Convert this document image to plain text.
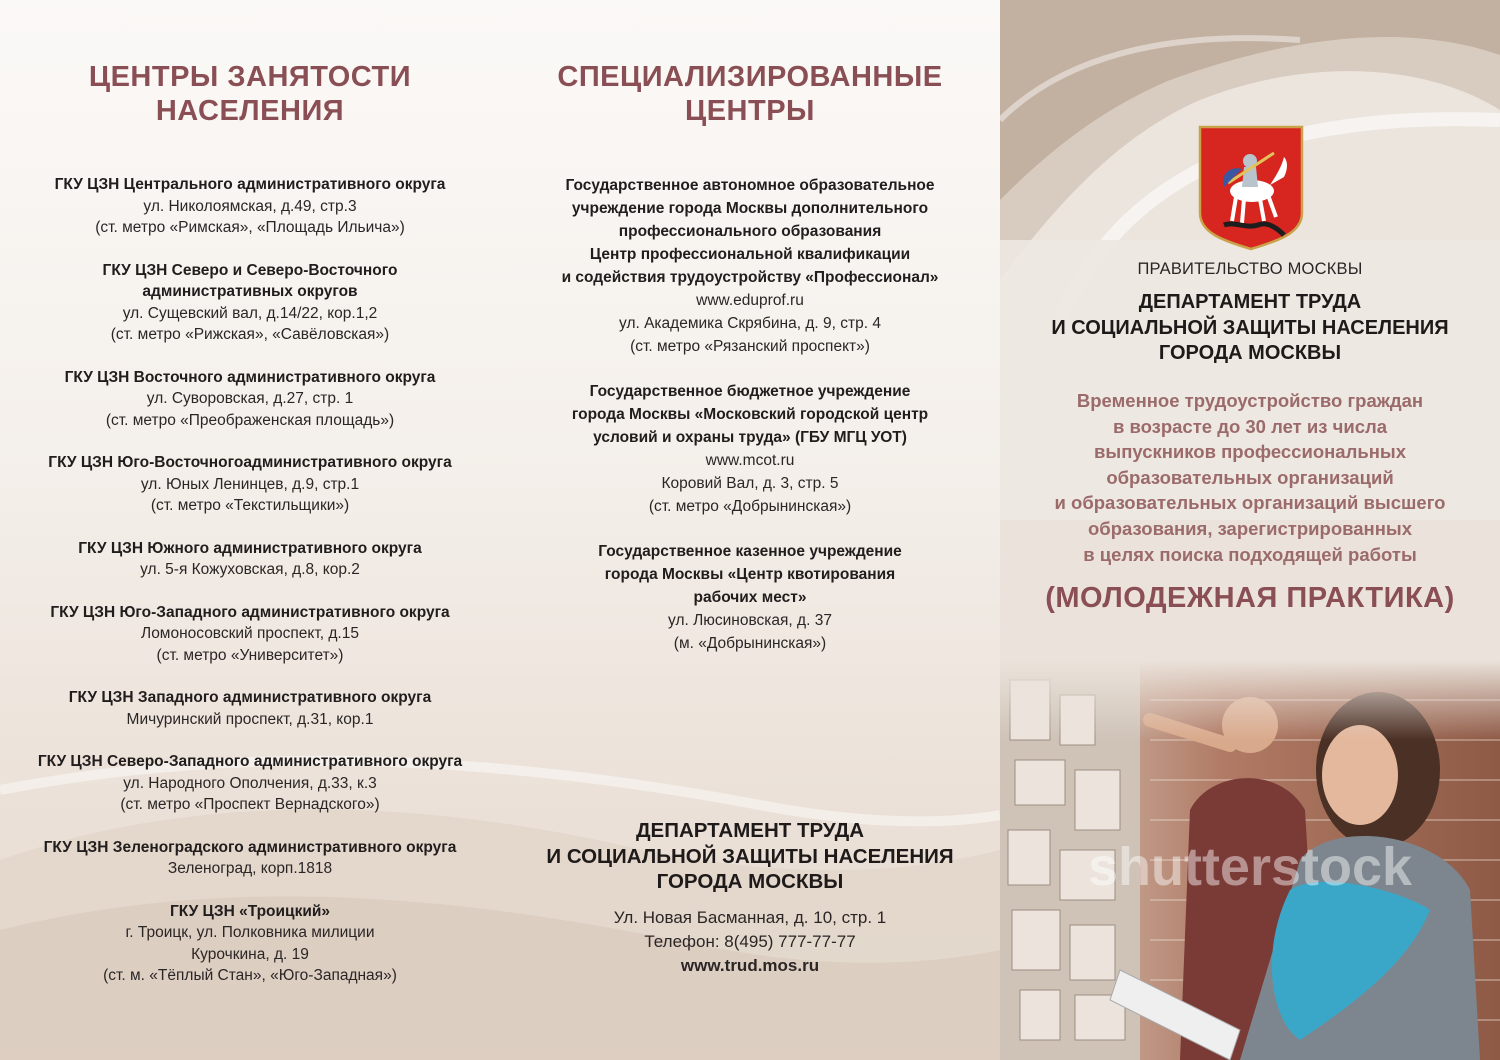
ЦЕНТРЫ ЗАНЯТОСТИ
НАСЕЛЕНИЯ
ГКУ ЦЗН Центрального административного округа
ул. Николоямская, д.49, стр.3
(ст. метро «Римская», «Площадь Ильича»)
ГКУ ЦЗН Северо и Северо-Восточного
административных округов
ул. Сущевский вал, д.14/22, кор.1,2
(ст. метро «Рижская», «Савёловская»)
ГКУ ЦЗН Восточного административного округа
ул. Суворовская, д.27, стр. 1
(ст. метро «Преображенская площадь»)
ГКУ ЦЗН Юго-Восточногоадминистративного округа
ул. Юных Ленинцев, д.9, стр.1
(ст. метро «Текстильщики»)
ГКУ ЦЗН Южного административного округа
ул. 5-я Кожуховская, д.8, кор.2
ГКУ ЦЗН Юго-Западного административного округа
Ломоносовский проспект, д.15
(ст. метро «Университет»)
ГКУ ЦЗН Западного административного округа
Мичуринский проспект, д.31, кор.1
ГКУ ЦЗН Северо-Западного административного округа
ул. Народного Ополчения, д.33, к.3
(ст. метро «Проспект Вернадского»)
ГКУ ЦЗН Зеленоградского административного округа
Зеленоград, корп.1818
ГКУ ЦЗН «Троицкий»
г. Троицк, ул. Полковника милиции
Курочкина, д. 19
(ст. м. «Тёплый Стан», «Юго-Западная»)
СПЕЦИАЛИЗИРОВАННЫЕ
ЦЕНТРЫ
Государственное автономное образовательное
учреждение города Москвы дополнительного
профессионального образования
Центр профессиональной квалификации
и содействия трудоустройству «Профессионал»
www.eduprof.ru
ул. Академика Скрябина, д. 9, стр. 4
(ст. метро «Рязанский проспект»)
Государственное бюджетное учреждение
города Москвы «Московский городской центр
условий и охраны труда» (ГБУ МГЦ УОТ)
www.mcot.ru
Коровий Вал, д. 3, стр. 5
(ст. метро «Добрынинская»)
Государственное казенное учреждение
города Москвы «Центр квотирования
рабочих мест»
ул. Люсиновская, д. 37
(м. «Добрынинская»)
ДЕПАРТАМЕНТ ТРУДА
И СОЦИАЛЬНОЙ ЗАЩИТЫ НАСЕЛЕНИЯ
ГОРОДА МОСКВЫ
Ул. Новая Басманная, д. 10, стр. 1
Телефон: 8(495) 777-77-77
www.trud.mos.ru
ПРАВИТЕЛЬСТВО МОСКВЫ
ДЕПАРТАМЕНТ ТРУДА
И СОЦИАЛЬНОЙ ЗАЩИТЫ НАСЕЛЕНИЯ
ГОРОДА МОСКВЫ
Временное трудоустройство граждан
в возрасте до 30 лет из числа
выпускников профессиональных
образовательных организаций
и образовательных организаций высшего
образования, зарегистрированных
в целях поиска подходящей работы
(МОЛОДЕЖНАЯ ПРАКТИКА)
shutterstock
